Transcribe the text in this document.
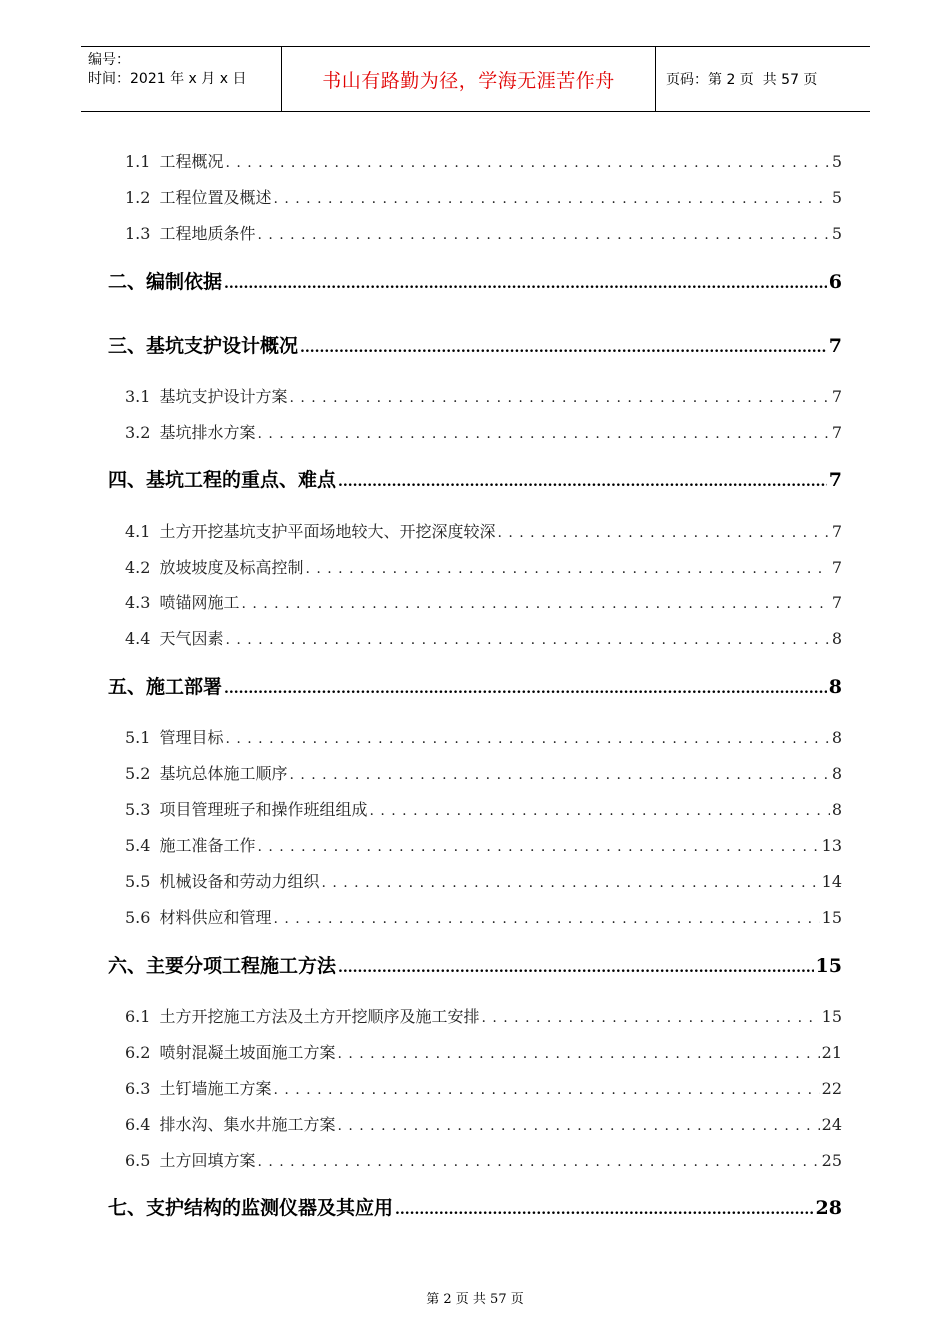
编号：
时间：2021 年 x 月 x 日	书山有路勤为径，学海无涯苦作舟	页码：第 2 页  共 57 页
1.1 工程概况 . . .	5
1.2 工程位置及概述 . . .	5
1.3 工程地质条件 . . .	5
二、编制依据 .....	6
三、基坑支护设计概况 .....	7
3.1 基坑支护设计方案 . . .	7
3.2 基坑排水方案 . . .	7
四、基坑工程的重点、难点 .....	7
4.1 土方开挖基坑支护平面场地较大、开挖深度较深 . . .	7
4.2 放坡坡度及标高控制 . . .	7
4.3 喷锚网施工 . . .	7
4.4 天气因素 . . .	8
五、施工部署 .....	8
5.1 管理目标 . . .	8
5.2 基坑总体施工顺序 . . .	8
5.3 项目管理班子和操作班组组成 . . .	8
5.4 施工准备工作 . . .	13
5.5 机械设备和劳动力组织 . . .	14
5.6 材料供应和管理 . . .	15
六、主要分项工程施工方法 .....	15
6.1 土方开挖施工方法及土方开挖顺序及施工安排 . . .	15
6.2 喷射混凝土坡面施工方案 . . .	21
6.3 土钉墙施工方案 . . .	22
6.4 排水沟、集水井施工方案 . . .	24
6.5 土方回填方案 . . .	25
七、支护结构的监测仪器及其应用 .....	28
第 2 页 共 57 页
